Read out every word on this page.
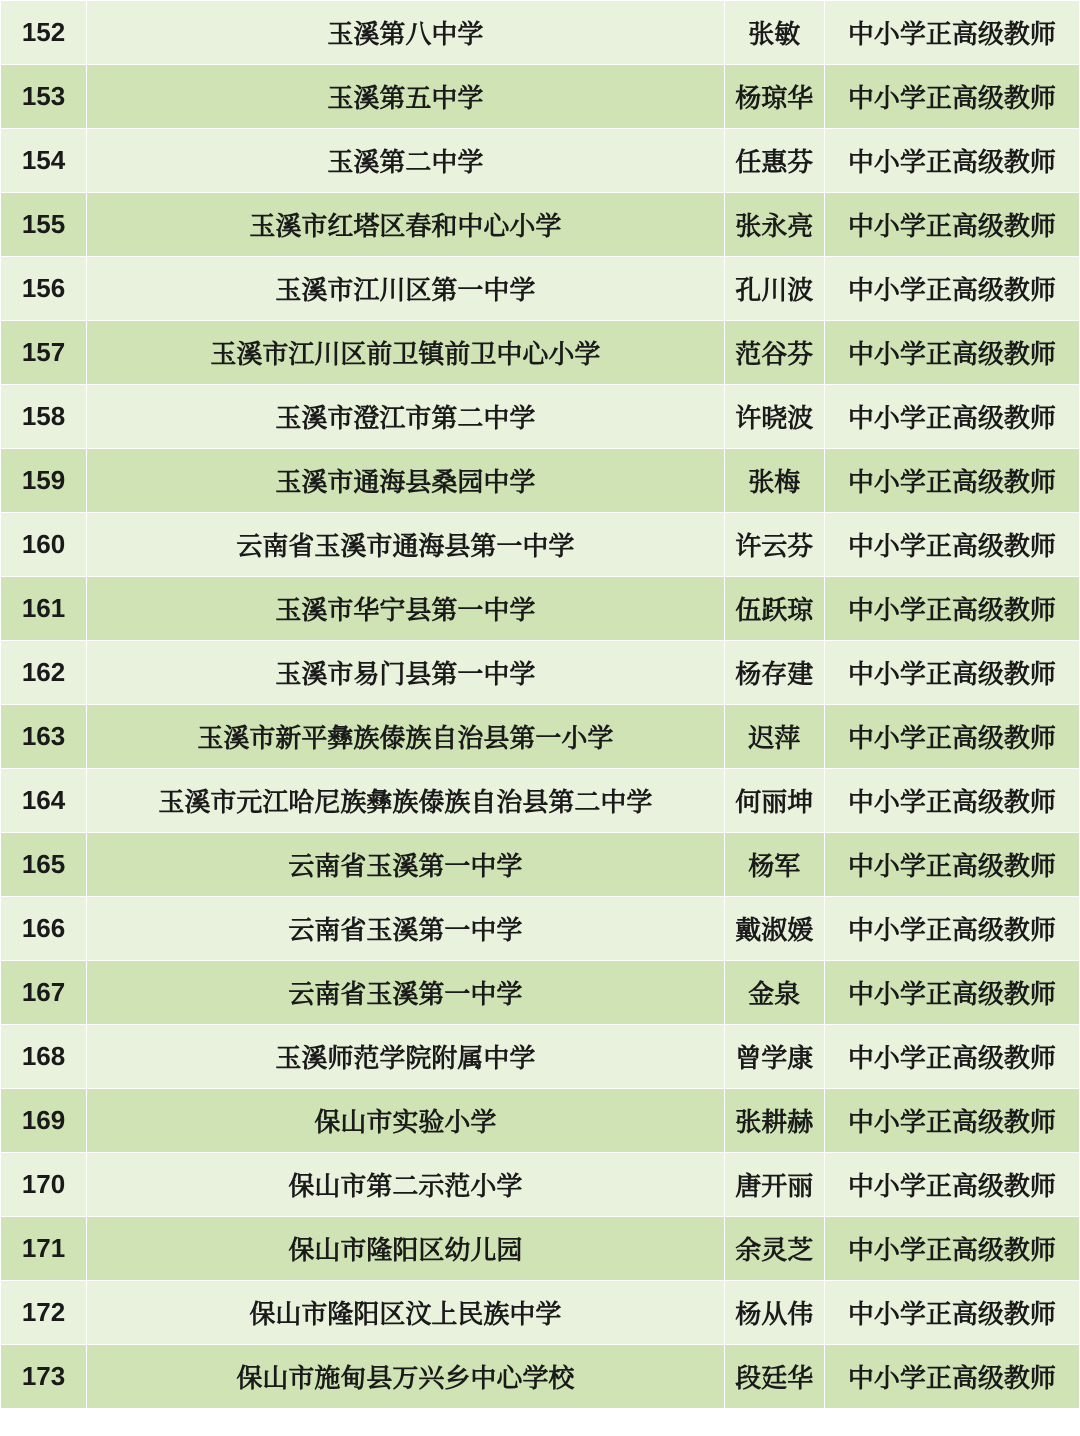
152	玉溪第八中学	张敏	中小学正高级教师

153	玉溪第五中学	杨琼华	中小学正高级教师

154	玉溪第二中学	任惠芬	中小学正高级教师

155	玉溪市红塔区春和中心小学	张永亮	中小学正高级教师

156	玉溪市江川区第一中学	孔川波	中小学正高级教师

157	玉溪市江川区前卫镇前卫中心小学	范谷芬	中小学正高级教师

158	玉溪市澄江市第二中学	许晓波	中小学正高级教师

159	玉溪市通海县桑园中学	张梅	中小学正高级教师

160	云南省玉溪市通海县第一中学	许云芬	中小学正高级教师

161	玉溪市华宁县第一中学	伍跃琼	中小学正高级教师

162	玉溪市易门县第一中学	杨存建	中小学正高级教师

163	玉溪市新平彝族傣族自治县第一小学	迟萍	中小学正高级教师

164	玉溪市元江哈尼族彝族傣族自治县第二中学	何丽坤	中小学正高级教师

165	云南省玉溪第一中学	杨军	中小学正高级教师

166	云南省玉溪第一中学	戴淑媛	中小学正高级教师

167	云南省玉溪第一中学	金泉	中小学正高级教师

168	玉溪师范学院附属中学	曾学康	中小学正高级教师

169	保山市实验小学	张耕赫	中小学正高级教师

170	保山市第二示范小学	唐开丽	中小学正高级教师

171	保山市隆阳区幼儿园	余灵芝	中小学正高级教师

172	保山市隆阳区汶上民族中学	杨从伟	中小学正高级教师

173	保山市施甸县万兴乡中心学校	段廷华	中小学正高级教师
